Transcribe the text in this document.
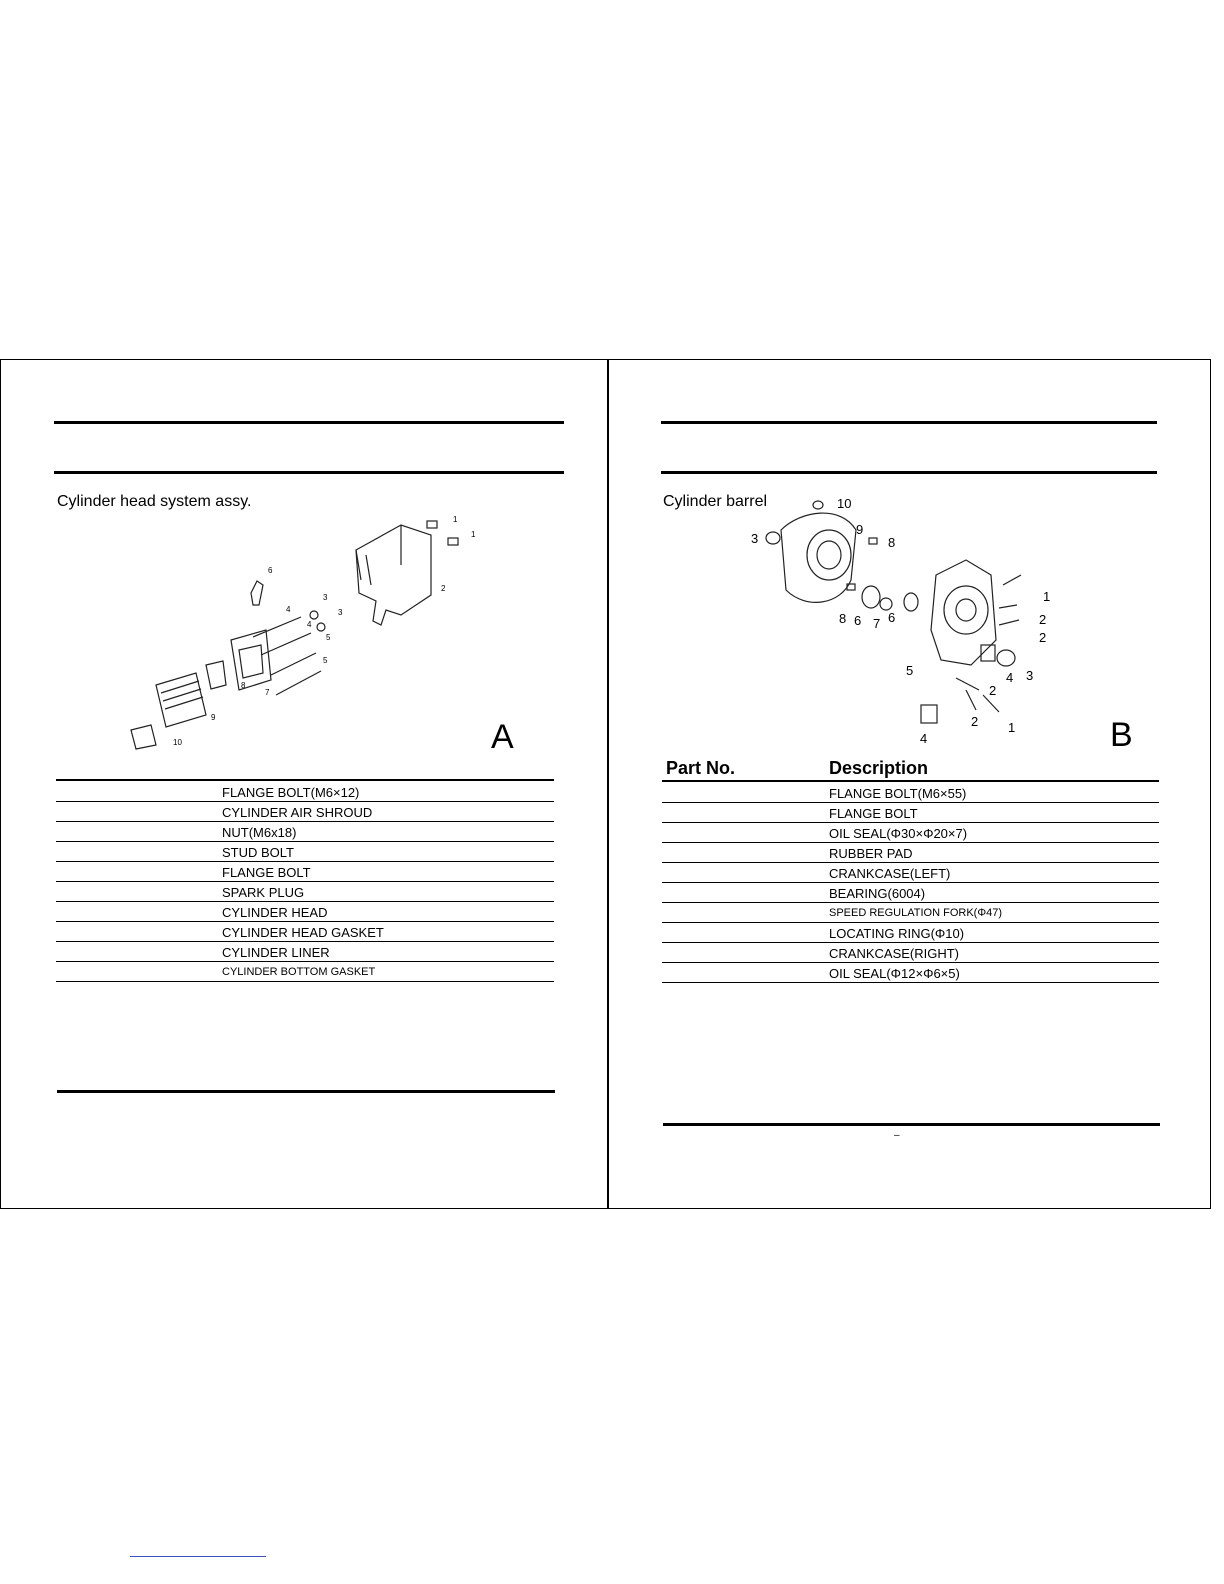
Cylinder head system assy.
1
1
2
3
3
4
4
5
5
6
7
8
9
10	A
FLANGE BOLT(M6×12)
CYLINDER AIR SHROUD
NUT(M6x18)
STUD BOLT
FLANGE BOLT
SPARK PLUG
CYLINDER HEAD
CYLINDER HEAD GASKET
CYLINDER LINER
CYLINDER BOTTOM GASKET
Cylinder barrel	10
9
3	8
8 6 7 6
1
2
2
3
4
5
2
2 1
4	B
Part No.	Description
FLANGE BOLT(M6×55)
FLANGE BOLT
OIL SEAL(Φ30×Φ20×7)
RUBBER PAD
CRANKCASE(LEFT)
BEARING(6004)
SPEED REGULATION FORK(Φ47)
LOCATING RING(Φ10)
CRANKCASE(RIGHT)
OIL SEAL(Φ12×Φ6×5)
–
